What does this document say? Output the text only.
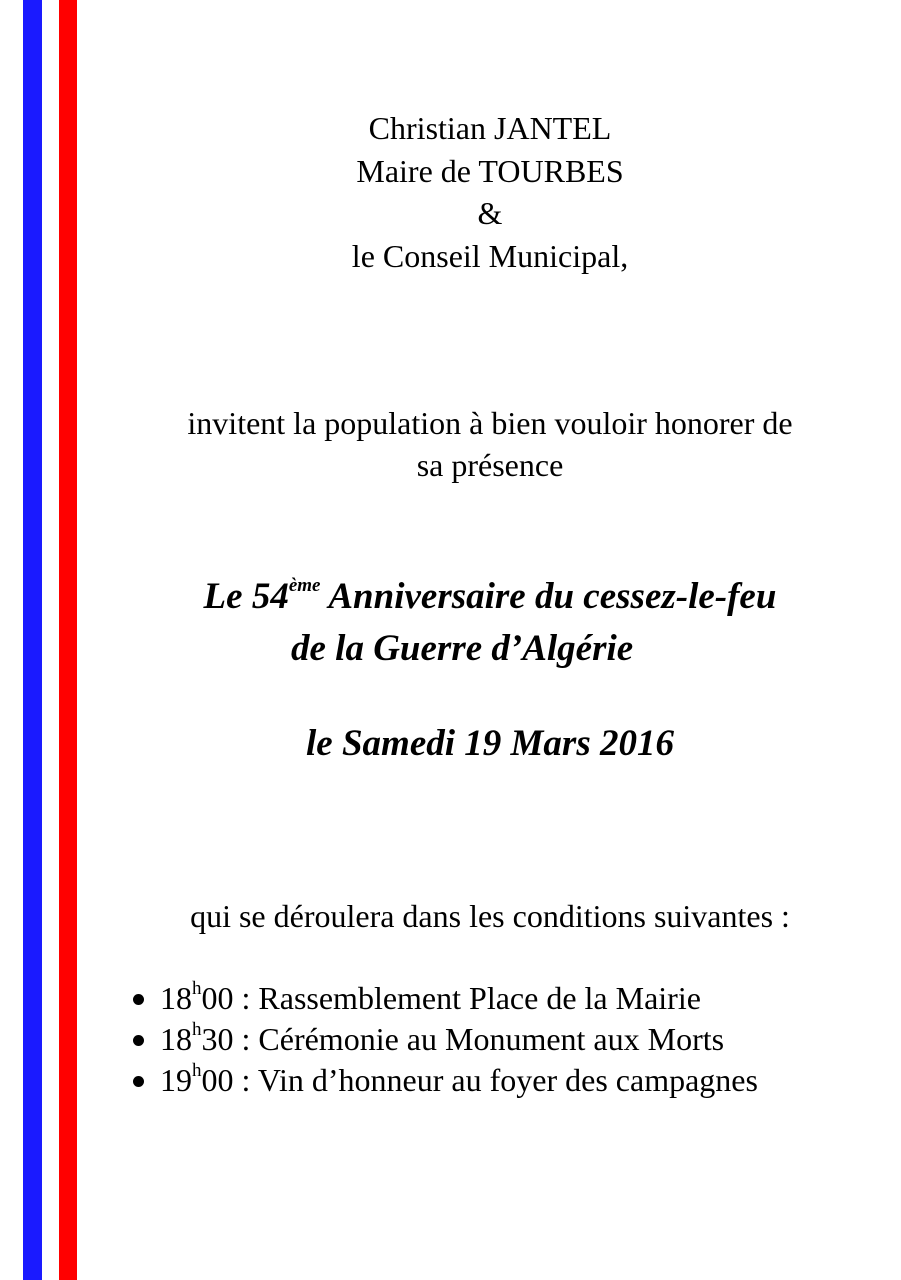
Christian JANTEL
Maire de TOURBES
&
le Conseil Municipal,
invitent la population à bien vouloir honorer de
sa présence
Le 54ème Anniversaire du cessez-le-feu
de la Guerre d’Algérie
le Samedi 19 Mars 2016
qui se déroulera dans les conditions suivantes :
18$^h$00 : Rassemblement Place de la Mairie
18$^h$30 : Cérémonie au Monument aux Morts
19$^h$00 : Vin d’honneur au foyer des campagnes
